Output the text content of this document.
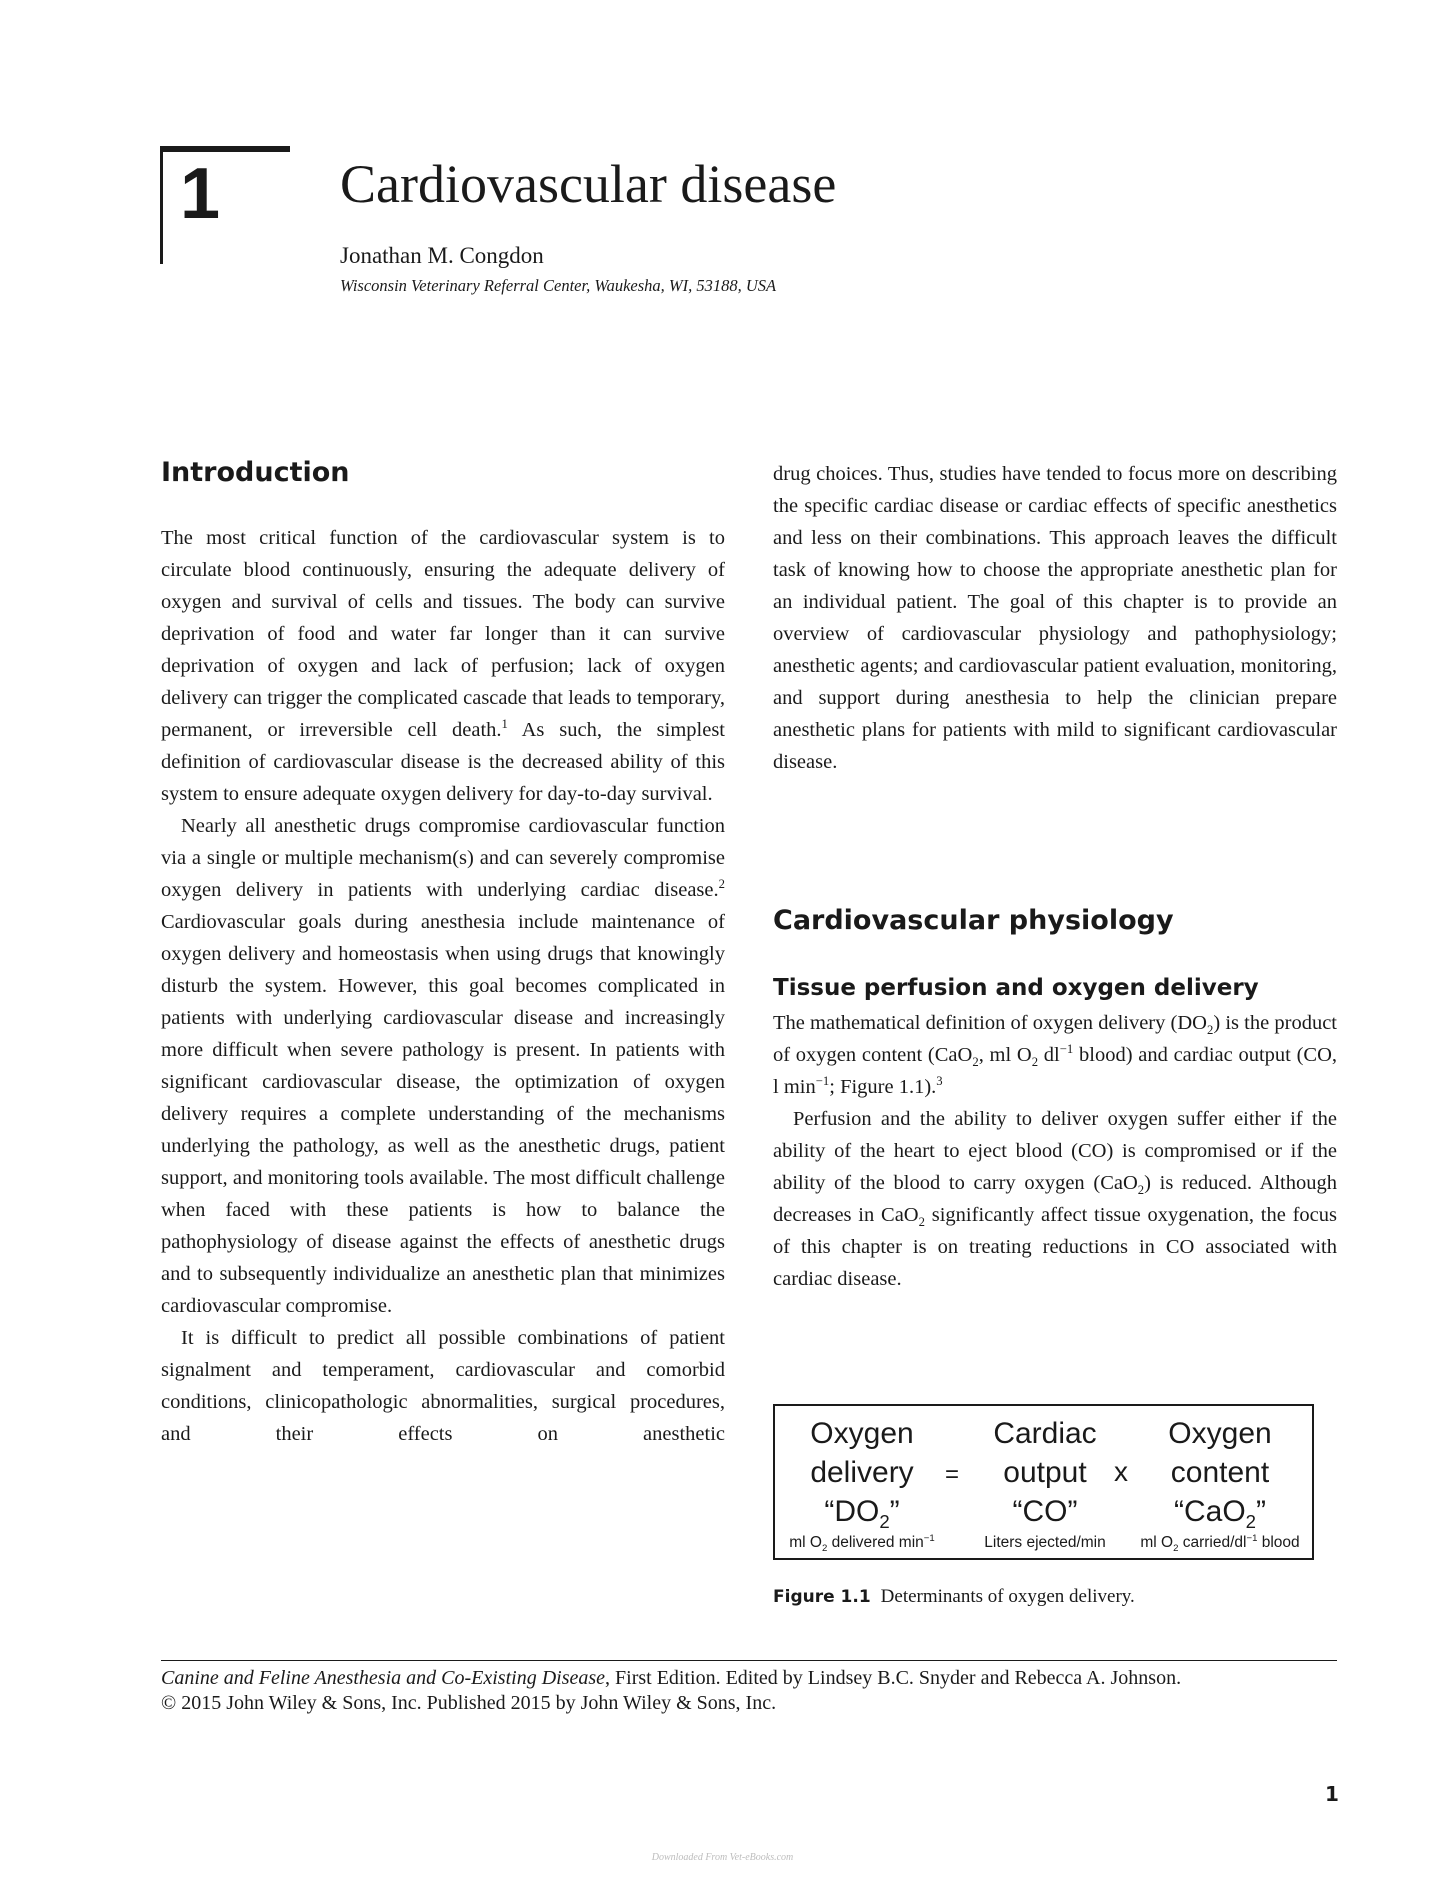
1 Cardiovascular disease
Jonathan M. Congdon
Wisconsin Veterinary Referral Center, Waukesha, WI, 53188, USA
Introduction

The most critical function of the cardiovascular system is to circulate blood continuously, ensuring the adequate delivery of oxygen and survival of cells and tissues. The body can survive deprivation of food and water far longer than it can survive deprivation of oxygen and lack of perfusion; lack of oxygen delivery can trigger the complicated cascade that leads to temporary, permanent, or irreversible cell death.$^1$ As such, the simplest definition of cardiovascular disease is the decreased ability of this system to ensure adequate oxygen delivery for day-to-day survival.

Nearly all anesthetic drugs compromise cardiovascular function via a single or multiple mechanism(s) and can severely compromise oxygen delivery in patients with underlying cardiac disease.$^2$ Cardiovascular goals during anesthesia include maintenance of oxygen delivery and homeostasis when using drugs that knowingly disturb the system. However, this goal becomes complicated in patients with underlying cardiovascular disease and increasingly more difficult when severe pathology is present. In patients with significant cardiovascular disease, the optimization of oxygen delivery requires a complete understanding of the mechanisms underlying the pathology, as well as the anesthetic drugs, patient support, and monitoring tools available. The most difficult challenge when faced with these patients is how to balance the pathophysiology of disease against the effects of anesthetic drugs and to subsequently individualize an anesthetic plan that minimizes cardiovascular compromise.

It is difficult to predict all possible combinations of patient signalment and temperament, cardiovascular and comorbid conditions, clinicopathologic abnormalities, surgical procedures, and their effects on anesthetic

drug choices. Thus, studies have tended to focus more on describing the specific cardiac disease or cardiac effects of specific anesthetics and less on their combinations. This approach leaves the difficult task of knowing how to choose the appropriate anesthetic plan for an individual patient. The goal of this chapter is to provide an overview of cardiovascular physiology and pathophysiology; anesthetic agents; and cardiovascular patient evaluation, monitoring, and support during anesthesia to help the clinician prepare anesthetic plans for patients with mild to significant cardiovascular disease.

Cardiovascular physiology
Tissue perfusion and oxygen delivery

The mathematical definition of oxygen delivery $(DO_2)$ is the product of oxygen content (CaO$_2$, ml $O_2$ $dl^{-1}$ blood) and cardiac output (CO, l $\min^{-1}$; Figure 1.1).$^3$

Perfusion and the ability to deliver oxygen suffer either if the ability of the heart to eject blood (CO) is compromised or if the ability of the blood to carry oxygen (CaO$_2$) is reduced. Although decreases in CaO$_2$ significantly affect tissue oxygenation, the focus of this chapter is on treating reductions in CO associated with cardiac disease.

Oxygen
delivery
“$DO_2$”
ml $O_2$ delivered $\min^{-1}$
=
Cardiac
output
“CO”
Liters ejected/min
x
Oxygen
content
“CaO$_2$”
ml $O_2$ carried/$dl^{-1}$ blood
Figure 1.1 Determinants of oxygen delivery.
Canine and Feline Anesthesia and Co-Existing Disease, First Edition. Edited by Lindsey B.C. Snyder and Rebecca A. Johnson.
© 2015 John Wiley & Sons, Inc. Published 2015 by John Wiley & Sons, Inc.
1
Downloaded From Vet-eBooks.com
